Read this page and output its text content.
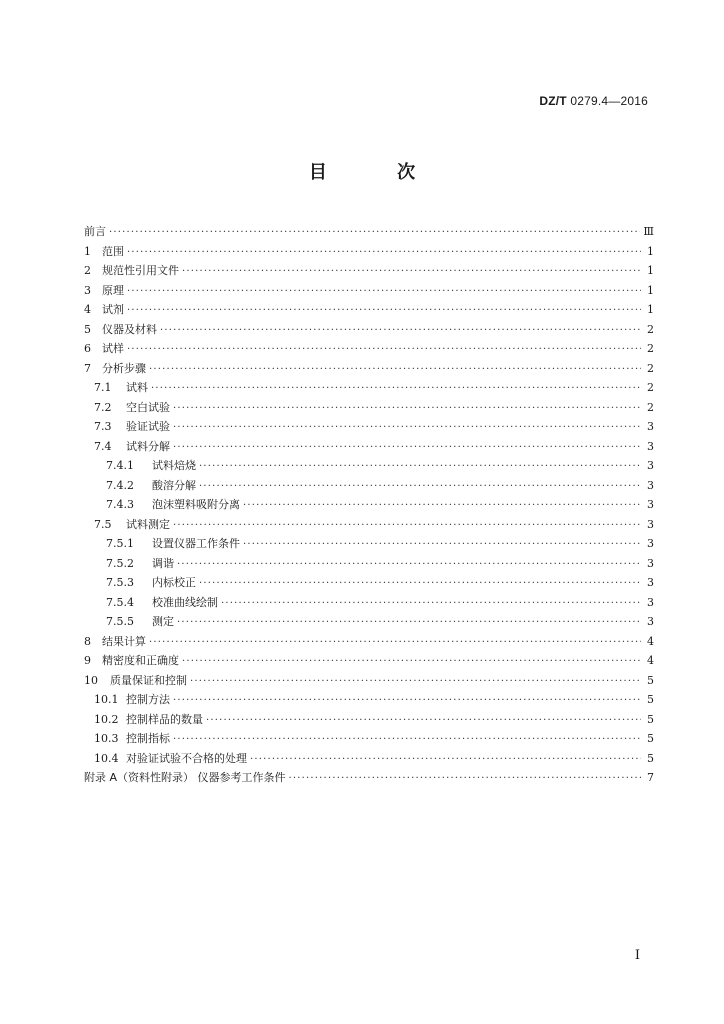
DZ/T 0279.4—2016
目 次
前言 ·····	Ⅲ
1	范围 ·····	1
2	规范性引用文件 ·····	1
3	原理 ·····	1
4	试剂 ·····	1
5	仪器及材料 ·····	2
6	试样 ·····	2
7	分析步骤 ·····	2
7.1	试料 ·····	2
7.2	空白试验 ·····	2
7.3	验证试验 ·····	3
7.4	试料分解 ·····	3
7.4.1	试料焙烧 ·····	3
7.4.2	酸溶分解 ·····	3
7.4.3	泡沫塑料吸附分离 ·····	3
7.5	试料测定 ·····	3
7.5.1	设置仪器工作条件 ·····	3
7.5.2	调谐 ·····	3
7.5.3	内标校正 ·····	3
7.5.4	校准曲线绘制 ·····	3
7.5.5	测定 ·····	3
8	结果计算 ·····	4
9	精密度和正确度 ·····	4
10	质量保证和控制 ·····	5
10.1 控制方法 ·····	5
10.2 控制样品的数量 ·····	5
10.3 控制指标 ·····	5
10.4 对验证试验不合格的处理 ·····	5
附录 A（资料性附录） 仪器参考工作条件 ·····	7
Ⅰ
